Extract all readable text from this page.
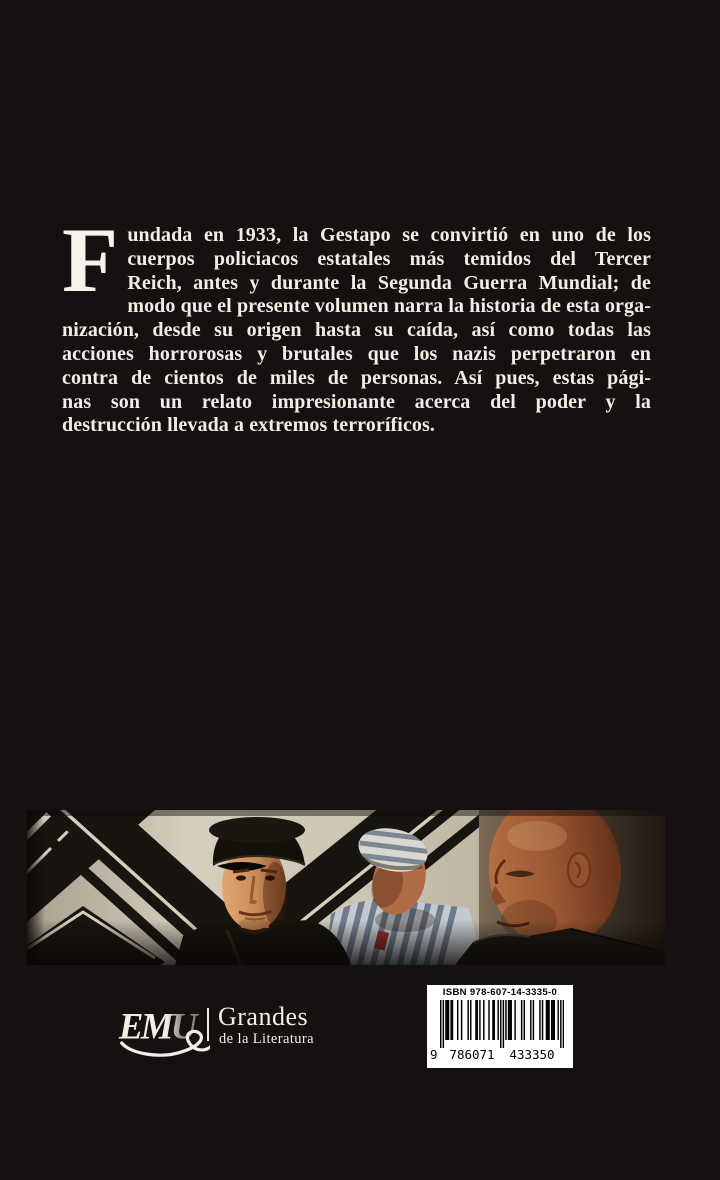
F undada en 1933, la Gestapo se convirtió en uno de los
cuerpos policiacos estatales más temidos del Tercer
Reich, antes y durante la Segunda Guerra Mundial; de
modo que el presente volumen narra la historia de esta orga-
nización, desde su origen hasta su caída, así como todas las
acciones horrorosas y brutales que los nazis perpetraron en
contra de cientos de miles de personas. Así pues, estas pági-
nas son un relato impresionante acerca del poder y la
destrucción llevada a extremos terroríficos.
EMU Grandes
de la Literatura
ISBN 978-607-14-3335-0
9 786071	433350
